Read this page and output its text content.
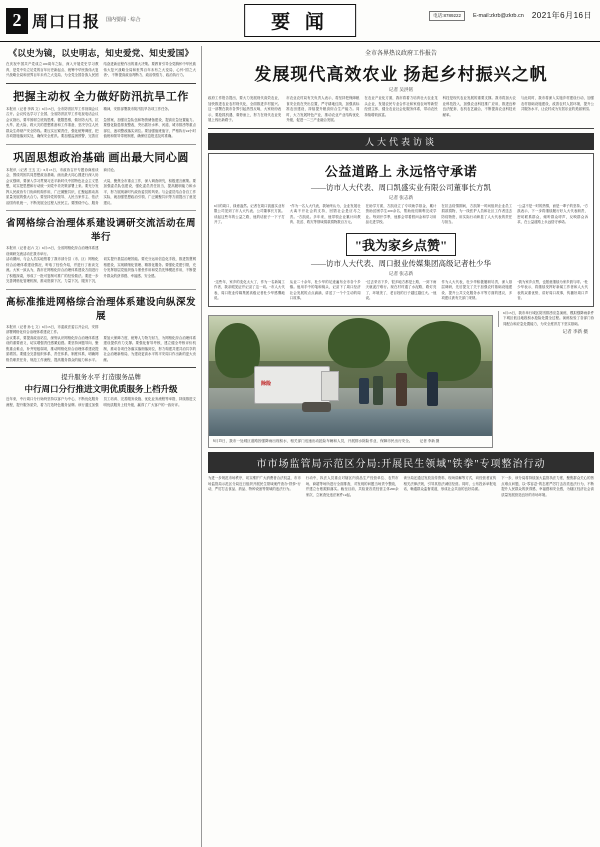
2 周口日报 国内要闻 · 综合	要 闻	电话:8789222	E-mail:zkrb@zkrb.cn 2021年6月16日
《以史为镜，以史明志，知史爱党、知史爱国》
在庆祝中国共产党成立100周年之际，深入开展党史学习教育，是党中央立足党的百年历史新起点、统筹中华民族伟大复兴战略全局和世界百年未有之大变局、为全党全国各族人民团结奋进新征程作出的重大决策。要教育引导全党胸怀中华民族伟大复兴战略全局和世界百年未有之大变局，心怀"国之大者"，不断提高政治判断力、政治领悟力、政治执行力。
把握主动权 全力做好防汛抗旱工作
本报讯（记者 李四 文）6月15日，全市防汛抗旱工作视频会议召开。会议传达学习了全国、全省防汛抗旱工作电视电话会议精神，安排部署我市防汛抗旱各项工作任务。
会议指出，要牢固树立底线思维、极限思维，做好防大汛、抗大旱、抢大险、救大灾的思想准备和工作准备，坚决守住人民群众生命财产安全防线。要压实压紧责任，强化统筹调度，把各项措施落到实处，确保安全度汛。要加强监测预警，完善应急预案，加强应急队伍和物资储备建设，提高应急处置能力。要强化隐患排查整改，突出抓好水库、河道、城市排涝等重点部位，逐项整改落实到位。要加强值班值守，严格执行24小时值班和领导带班制度，确保信息报送及时准确。
巩固思想政治基础 画出最大同心圆
本报讯（记者 王五 文）6月15日，市政协召开专题协商座谈会，围绕巩固共同思想政治基础、画出最大同心圆进行深入协商讨论。
会议强调，要深入学习贯彻习近平新时代中国特色社会主义思想，切实把思想和行动统一到党中央决策部署上来。要充分发挥人民政协专门协商机构作用，广泛凝聚共识，汇聚起推动高质量发展的强大合力。要坚持党的领导、人民当家作主、依法治国有机统一，不断发展全过程人民民主。要围绕中心、服务大局，聚焦全市重点工作，深入调查研究，积极建言献策。要加强委员队伍建设，强化委员责任担当，提高履职能力和水平，努力展现新时代政协委员的风采。与会委员结合各自工作实际，就加强思想政治引领、广泛凝聚共识等方面提出了意见建议。
省网格综合治理体系建设调研交流活动在周举行
本报讯（记者 赵六 文）6月15日，全省网格化综合治理体系建设调研交流活动在我市举行。
活动期间，与会人员实地察看了我市部分县（市、区）网格化综合治理体系建设情况，听取了经验介绍，并进行了座谈交流。大家一致认为，我市在网格化综合治理体系建设方面进行了积极探索，形成了一批可复制可推广的经验做法。要进一步完善网格化管理机制，推动资源下沉、力量下沉、服务下沉，切实提升基层治理效能。要充分运用信息化手段，推进智慧网格建设，实现精细化管理、精准化服务。要强化党建引领，充分发挥基层党组织战斗堡垒作用和党员先锋模范作用，不断提升群众的获得感、幸福感、安全感。
高标准推进网格综合治理体系建设向纵深发展
本报讯（记者 孙七 文）6月15日，市委政法委召开会议，安排部署网格化综合治理体系建设工作。
会议要求，要提高政治站位，深刻认识网格化综合治理体系建设的重要意义，切实增强责任感紧迫感。要坚持问题导向，聚焦重点难点，补齐短板弱项，推动网格化综合治理体系建设提质增效。要健全完善组织体系、责任体系、制度体系，明确网格员职责任务，规范工作流程，提高服务群众的能力和水平。要加大保障力度，统筹人力物力财力，为网格化综合治理体系建设提供有力支撑。要强化督导考核，建立健全考核评价机制，推动各项任务落实落细落到位，努力构建共建共治共享的社会治理新格局，为建设更高水平的平安周口作出新的更大贡献。
提升服务水平 打造服务品牌
中行周口分行推进文明优质服务上档升级
近年来，中行周口分行始终坚持以客户为中心，不断优化服务流程，提升服务质效，着力打造特色服务品牌。该行通过加强员工培训、完善服务设施、优化业务流程等举措，持续推进文明优质服务上档升级，赢得了广大客户的一致好评。
全市各界热议政府工作报告
发展现代高效农业 扬起乡村振兴之帆
记者 吴洪铭
政府工作报告提出，要大力发展现代高效农业，加快推进农业农村现代化，全面推进乡村振兴。这一部署在我市各界引起热烈反响，大家纷纷表示，要抢抓机遇、乘势而上，努力在现代农业发展上闯出新路子。
市农业农村局有关负责人表示，将坚持把保障粮食安全放在突出位置，严守耕地红线，加强高标准农田建设，持续提升粮食综合生产能力。同时，大力发展特色产业，推动农业产业结构优化升级，促进一二三产业融合发展。
在农业产业化方面，我市将着力培育壮大农业龙头企业，发展农民专业合作社和家庭农场等新型经营主体，健全农业社会化服务体系，带动农民持续增收致富。
科技是现代农业发展的重要支撑。我市将加大农业科技投入，加强农业科技推广应用，推进良种良法配套、农机农艺融合，不断提高农业科技贡献率。
与此同时，我市将深入实施乡村建设行动，加强农村基础设施建设，改善农村人居环境，提升公共服务水平，让农村成为安居乐业的美丽家园。
人大代表访谈
公益道路上 永远恪守承诺
——访市人大代表、周口凯盛实业有限公司董事长方凯
记者 张志新
6月的周口，绿意盎然。记者在周口凯盛实业有限公司见到了市人大代表、公司董事长方凯。谈起这些年的公益之路，他的话匣子一下子打开了。
"作为一名人大代表，我始终认为，企业发展壮大离不开社会的支持，回馈社会是应尽之责。"方凯说。多年来，他带领企业累计向教育、扶贫、救灾等领域捐款捐物数百万元。
在助学方面，方凯设立了专项助学基金，累计资助贫困学生200余名，帮助他们顺利完成学业。每到开学季，他都会带着慰问金和学习用品走进学校。
在抗击疫情期间，方凯第一时间组织企业员工捐款捐物，为一线医护人员和社区工作者送去防疫物资，用实际行动彰显了人大代表的责任与担当。
"公益不是一时的热情，而是一辈子的坚持。"方凯表示，下一步将继续履行好人大代表职责，密切联系群众，倾听群众呼声，反映群众诉求，在公益道路上永远恪守承诺。
"我为家乡点赞"
——访市人大代表、周口报业传媒集团高级记者杜少华
记者 张志新
"这些年，家乡的变化太大了，作为一名新闻工作者，我亲眼见证并记录了这一切。"市人大代表、周口报业传媒集团高级记者杜少华感慨地说。
从业二十余年，杜少华的足迹遍布全市各个乡镇。他用手中的笔和镜头，记录下了周口经济社会发展的点点滴滴，讲述了一个个生动的周口故事。
"过去采访下乡，很多地方都是土路，一到下雨天就泥泞难行。现在村村通了水泥路，路灯亮了，环境美了，老百姓的日子越过越红火。"他说。
作为人大代表，杜少华积极履职尽责，深入基层调研，先后提交了关于加强农村基础设施建设、提升公共文化服务水平等方面的建议，多项建议被有关部门采纳。
"我为家乡点赞，也愿意继续为家乡鼓与呼。"杜少华表示，将继续发挥好新闻工作者和人大代表的双重优势，讲好周口故事，传播好周口声音。
除险
6月15日，我市一处城区道路因强降雨出现积水，相关部门迅速出动抢险车辆和人员，开展排水除险作业，保障市民出行安全。　　记者 李新 摄
6月15日，我市举行城区防汛排涝应急演练，模拟强降雨条件下城区低洼地段积水抢险处置全过程。演练检验了各部门协同配合和应急处置能力，为安全度汛打下坚实基础。
记者 李新 摄
市市场监管局示范区分局:开展民生领域"铁拳"专项整治行动
为进一步规范市场秩序，切实维护广大消费者合法权益，市市场监管局示范区分局近日组织开展民生领域案件查办"铁拳"行动，严厉打击食品、药品、特种设备等领域的违法行为。
行动中，执法人员重点对辖区内食品生产经营单位、农贸市场、商超等场所进行全面排查，对发现的问题当场责令整改，并建立台账跟踪落实。截至目前，共检查各类经营主体200余家次，立案查处违法案件12起。
该分局还通过发放宣传资料、现场讲解等方式，向经营者宣传相关法律法规，引导其依法诚信经营。同时，公布投诉举报电话，畅通群众监督渠道，形成社会共治的良好局面。
下一步，该分局将持续加大监管执法力度，聚焦群众关心的热点难点问题，以"零容忍"的态度严厉打击各类违法行为，不断提升人民群众的获得感、幸福感和安全感，为辖区经济社会高质量发展营造良好的市场环境。
